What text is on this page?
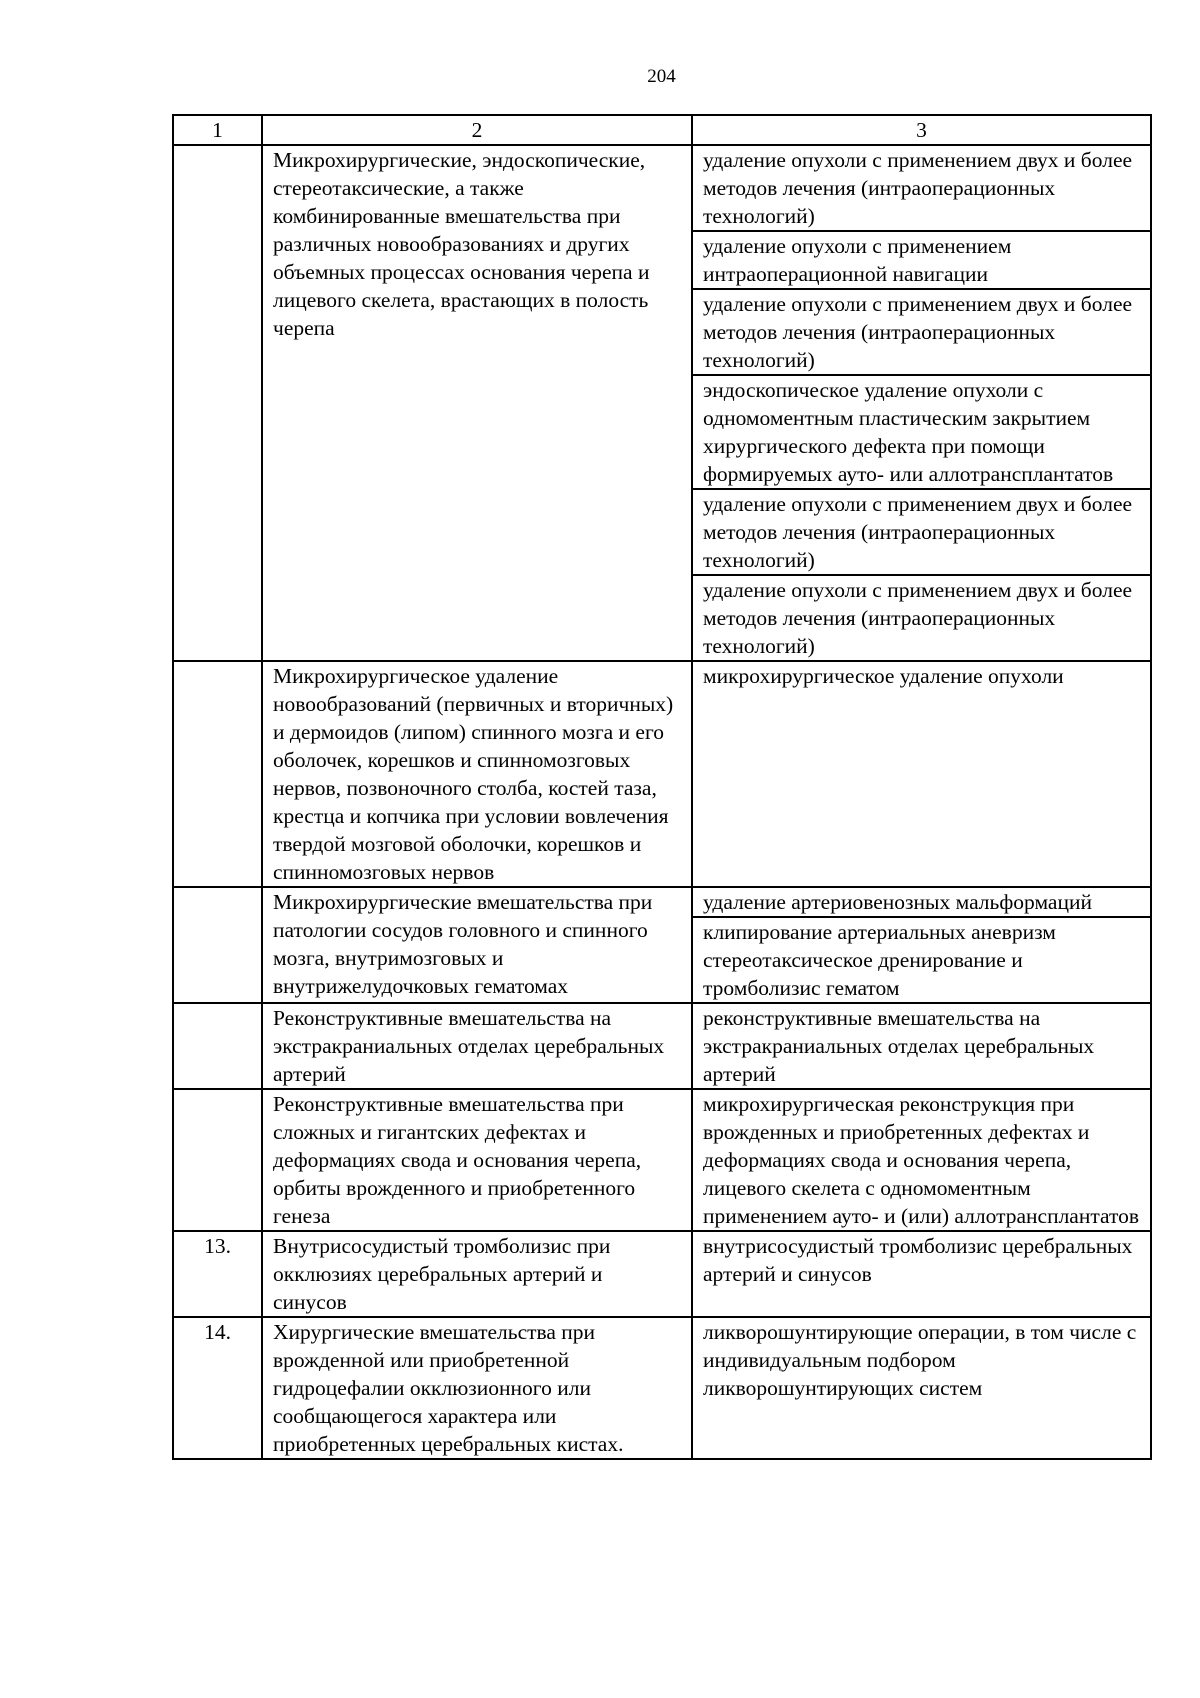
204
1	2	3
	Микрохирургические, эндоскопические, стереотаксические, а также комбинированные вмешательства при различных новообразованиях и других объемных процессах основания черепа и лицевого скелета, врастающих в полость черепа	удаление опухоли с применением двух и более методов лечения (интраоперационных технологий)
		удаление опухоли с применением интраоперационной навигации
		удаление опухоли с применением двух и более методов лечения (интраоперационных технологий)
		эндоскопическое удаление опухоли с одномоментным пластическим закрытием хирургического дефекта при помощи формируемых ауто- или аллотрансплантатов
		удаление опухоли с применением двух и более методов лечения (интраоперационных технологий)
		удаление опухоли с применением двух и более методов лечения (интраоперационных технологий)
	Микрохирургическое удаление новообразований (первичных и вторичных) и дермоидов (липом) спинного мозга и его оболочек, корешков и спинномозговых нервов, позвоночного столба, костей таза, крестца и копчика при условии вовлечения твердой мозговой оболочки, корешков и спинномозговых нервов	микрохирургическое удаление опухоли
	Микрохирургические вмешательства при патологии сосудов головного и спинного мозга, внутримозговых и внутрижелудочковых гематомах	удаление артериовенозных мальформаций
		клипирование артериальных аневризм стереотаксическое дренирование и тромболизис гематом
	Реконструктивные вмешательства на экстракраниальных отделах церебральных артерий	реконструктивные вмешательства на экстракраниальных отделах церебральных артерий
	Реконструктивные вмешательства при сложных и гигантских дефектах и деформациях свода и основания черепа, орбиты врожденного и приобретенного генеза	микрохирургическая реконструкция при врожденных и приобретенных дефектах и деформациях свода и основания черепа, лицевого скелета с одномоментным применением ауто- и (или) аллотрансплантатов
13.	Внутрисосудистый тромболизис при окклюзиях церебральных артерий и синусов	внутрисосудистый тромболизис церебральных артерий и синусов
14.	Хирургические вмешательства при врожденной или приобретенной гидроцефалии окклюзионного или сообщающегося характера или приобретенных церебральных кистах.	ликворошунтирующие операции, в том числе с индивидуальным подбором ликворошунтирующих систем
